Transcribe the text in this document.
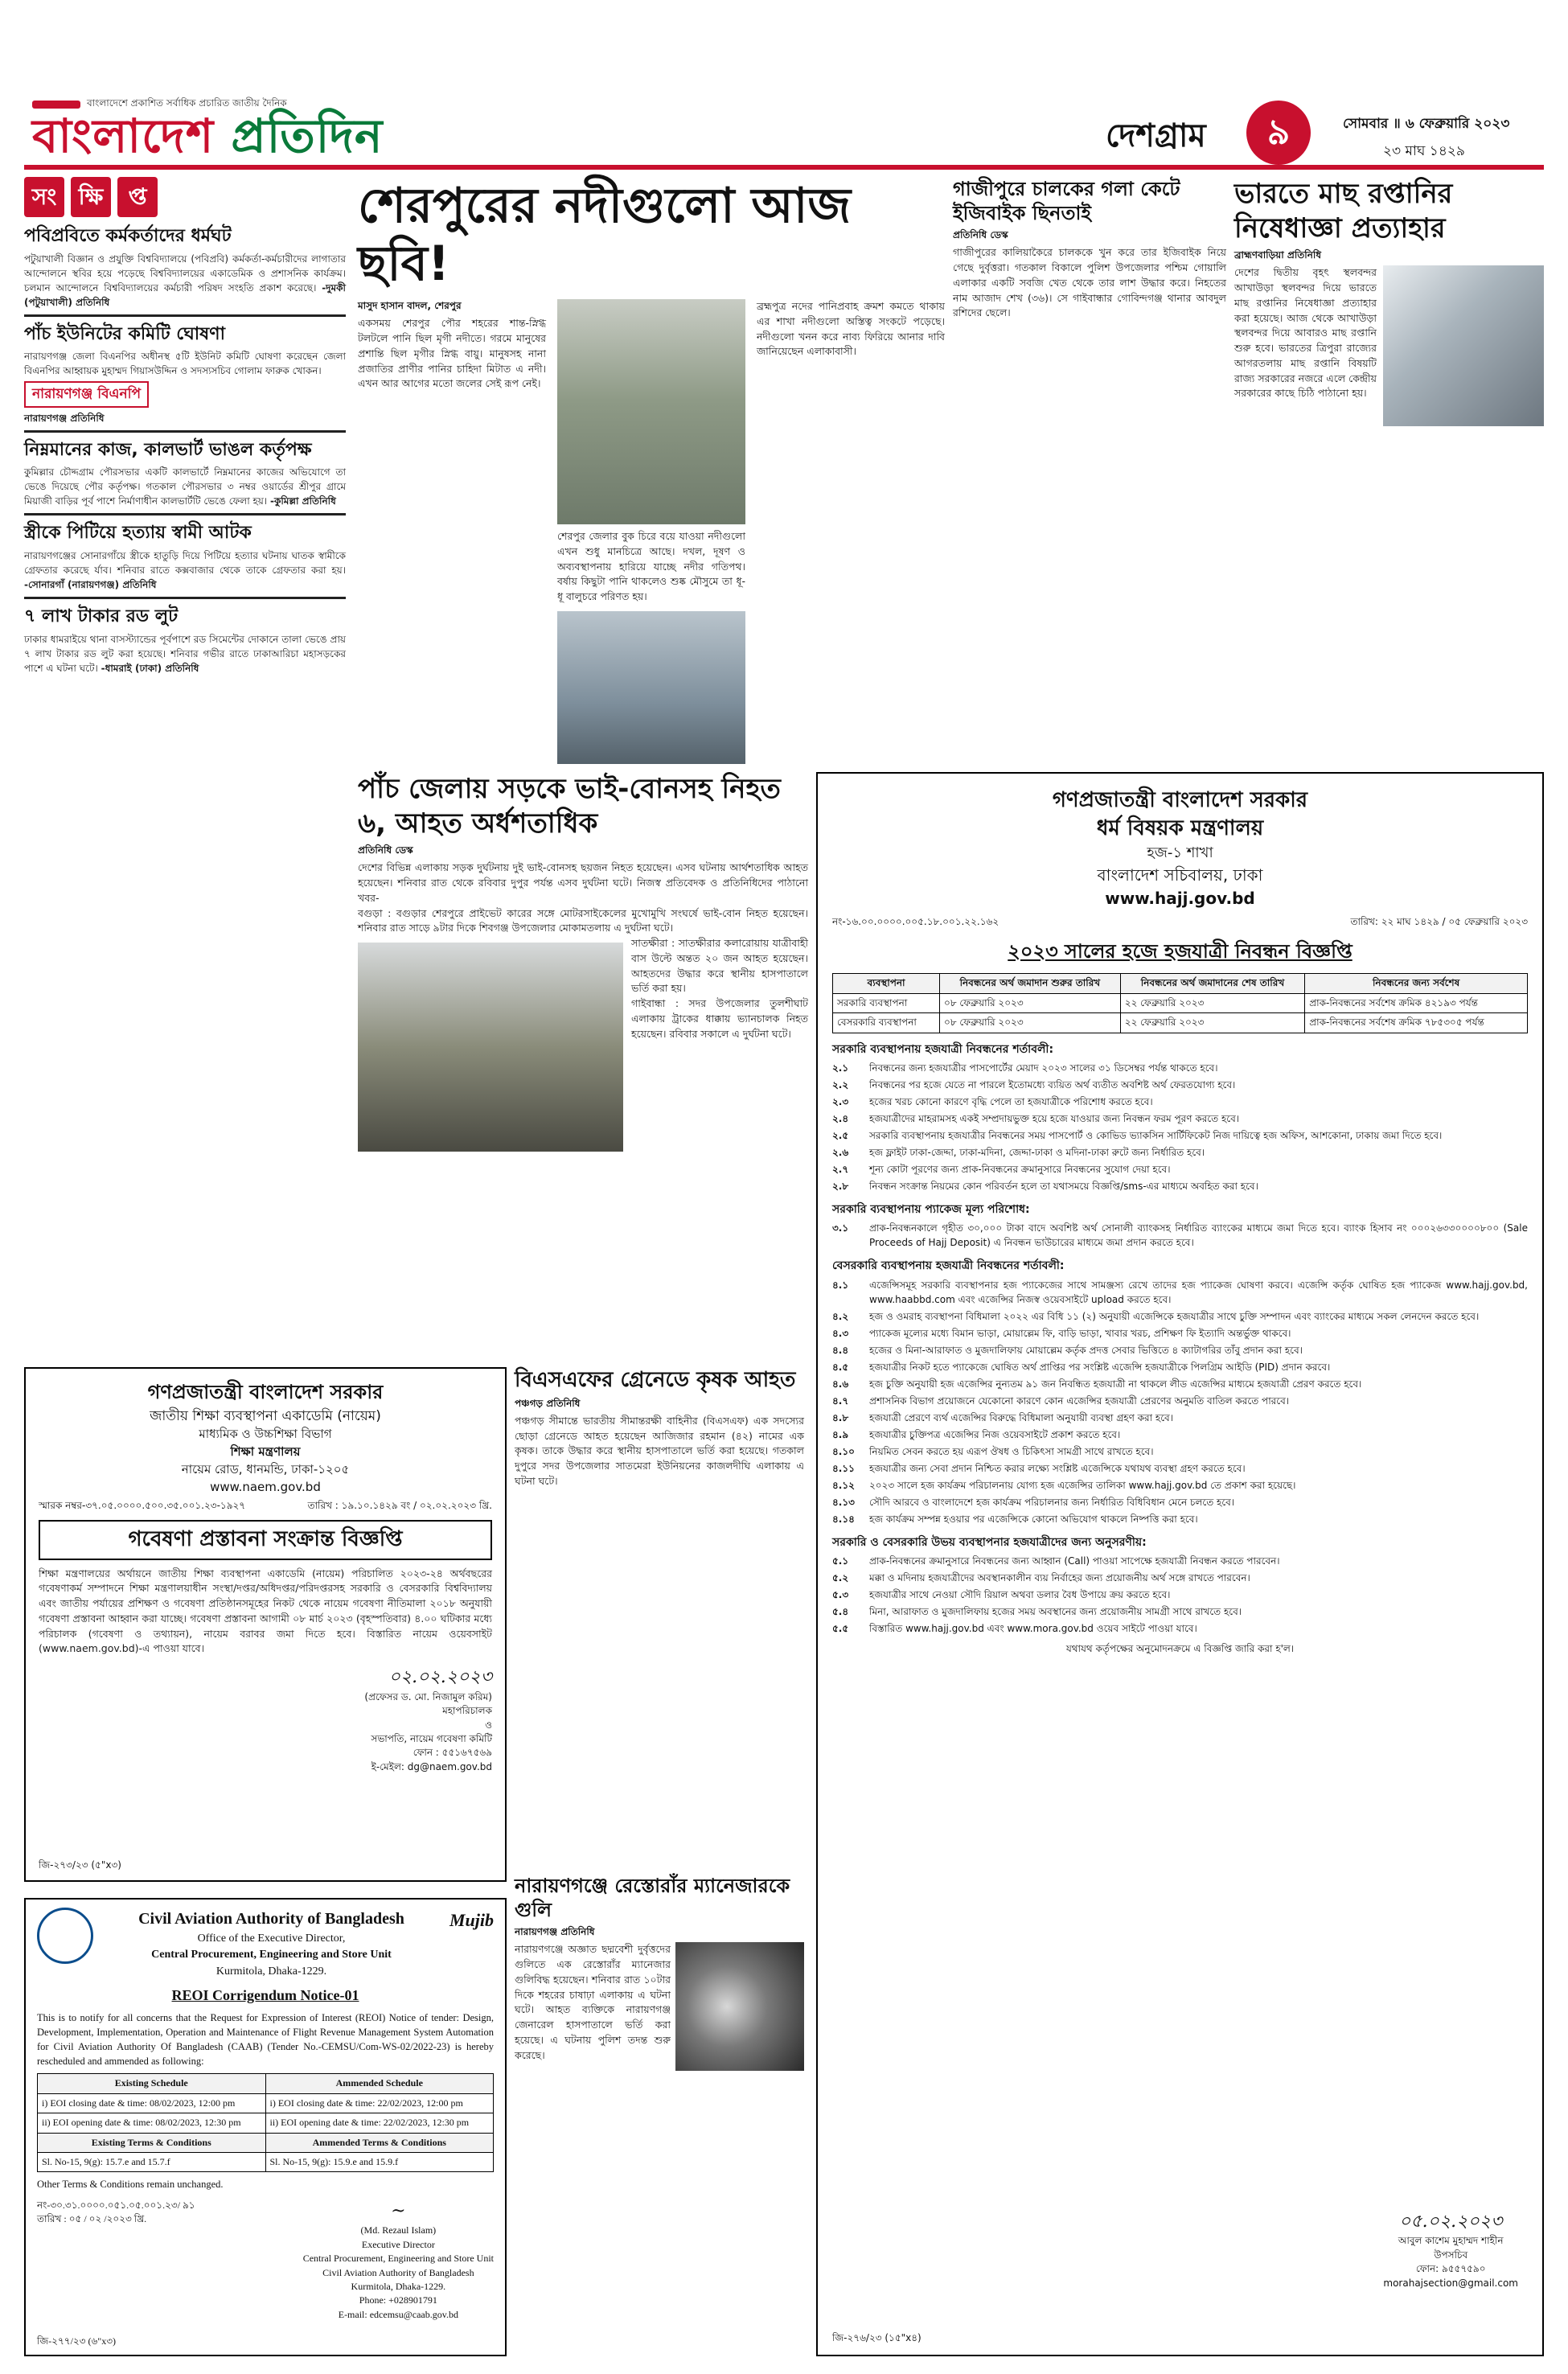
বাংলাদেশে প্রকাশিত সর্বাধিক প্রচারিত জাতীয় দৈনিক
বাংলাদেশ প্রতিদিন	দেশগ্রাম	৯	সোমবার ॥ ৬ ফেব্রুয়ারি ২০২৩
২৩ মাঘ ১৪২৯
সং ক্ষি	প্ত
পবিপ্রবিতে কর্মকর্তাদের ধর্মঘট

পটুয়াখালী বিজ্ঞান ও প্রযুক্তি বিশ্ববিদ্যালয়ে (পবিপ্রবি) কর্মকর্তা-কর্মচারীদের লাগাতার আন্দোলনে স্থবির হয়ে পড়েছে বিশ্ববিদ্যালয়ের একাডেমিক ও প্রশাসনিক কার্যক্রম। চলমান আন্দোলনে বিশ্ববিদ্যালয়ের কর্মচারী পরিষদ সংহতি প্রকাশ করেছে। -দুমকী (পটুয়াখালী) প্রতিনিধি

পাঁচ ইউনিটের কমিটি ঘোষণা

নারায়ণগঞ্জ জেলা বিএনপির অধীনস্থ ৫টি ইউনিট কমিটি ঘোষণা করেছেন জেলা বিএনপির আহ্বায়ক মুহাম্মদ গিয়াসউদ্দিন ও সদস্যসচিব গোলাম ফারুক খোকন।

নারায়ণগঞ্জ বিএনপি

নারায়ণগঞ্জ প্রতিনিধি

নিম্নমানের কাজ, কালভার্ট ভাঙল কর্তৃপক্ষ

কুমিল্লার চৌদ্দগ্রাম পৌরসভার একটি কালভার্টে নিম্নমানের কাজের অভিযোগে তা ভেঙে দিয়েছে পৌর কর্তৃপক্ষ। গতকাল পৌরসভার ৩ নম্বর ওয়ার্ডের শ্রীপুর গ্রামে মিয়াজী বাড়ির পূর্ব পাশে নির্মাণাধীন কালভার্টটি ভেঙে ফেলা হয়। -কুমিল্লা প্রতিনিধি

স্ত্রীকে পিটিয়ে হত্যায় স্বামী আটক

নারায়ণগঞ্জের সোনারগাঁয়ে স্ত্রীকে হাতুড়ি দিয়ে পিটিয়ে হত্যার ঘটনায় ঘাতক স্বামীকে গ্রেফতার করেছে র্যাব। শনিবার রাতে কক্সবাজার থেকে তাকে গ্রেফতার করা হয়। -সোনারগাঁ (নারায়ণগঞ্জ) প্রতিনিধি

৭ লাখ টাকার রড লুট

ঢাকার ধামরাইয়ে থানা বাসস্ট্যান্ডের পূর্বপাশে রড সিমেন্টের দোকানে তালা ভেঙে প্রায় ৭ লাখ টাকার রড লুট করা হয়েছে। শনিবার গভীর রাতে ঢাকাআরিচা মহাসড়কের পাশে এ ঘটনা ঘটে। -ধামরাই (ঢাকা) প্রতিনিধি

শেরপুরের নদীগুলো আজ ছবি!

মাসুদ হাসান বাদল, শেরপুর

একসময় শেরপুর পৌর শহরের শান্ত-স্নিগ্ধ টলটলে পানি ছিল মৃগী নদীতে। গরমে মানুষের প্রশান্তি ছিল মৃগীর স্নিগ্ধ বায়ু। মানুষসহ নানা প্রজাতির প্রাণীর পানির চাহিদা মিটাত এ নদী। এখন আর আগের মতো জলের সেই রূপ নেই।

শেরপুর জেলার বুক চিরে বয়ে যাওয়া নদীগুলো এখন শুধু মানচিত্রে আছে। দখল, দূষণ ও অব্যবস্থাপনায় হারিয়ে যাচ্ছে নদীর গতিপথ। বর্ষায় কিছুটা পানি থাকলেও শুষ্ক মৌসুমে তা ধূ-ধূ বালুচরে পরিণত হয়।

ব্রহ্মপুত্র নদের পানিপ্রবাহ ক্রমশ কমতে থাকায় এর শাখা নদীগুলো অস্তিত্ব সংকটে পড়েছে। নদীগুলো খনন করে নাব্য ফিরিয়ে আনার দাবি জানিয়েছেন এলাকাবাসী।

গাজীপুরে চালকের গলা কেটে ইজিবাইক ছিনতাই

প্রতিনিধি ডেস্ক

গাজীপুরের কালিয়াকৈরে চালককে খুন করে তার ইজিবাইক নিয়ে গেছে দুর্বৃত্তরা। গতকাল বিকালে পুলিশ উপজেলার পশ্চিম গোয়ালি এলাকার একটি সবজি খেত থেকে তার লাশ উদ্ধার করে। নিহতের নাম আজাদ শেখ (৩৬)। সে গাইবান্ধার গোবিন্দগঞ্জ থানার আবদুল রশিদের ছেলে।

ভারতে মাছ রপ্তানির নিষেধাজ্ঞা প্রত্যাহার

ব্রাহ্মণবাড়িয়া প্রতিনিধি

দেশের দ্বিতীয় বৃহৎ স্থলবন্দর আখাউড়া স্থলবন্দর দিয়ে ভারতে মাছ রপ্তানির নিষেধাজ্ঞা প্রত্যাহার করা হয়েছে। আজ থেকে আখাউড়া স্থলবন্দর দিয়ে আবারও মাছ রপ্তানি শুরু হবে। ভারতের ত্রিপুরা রাজ্যের আগরতলায় মাছ রপ্তানি বিষয়টি রাজ্য সরকারের নজরে এলে কেন্দ্রীয় সরকারের কাছে চিঠি পাঠানো হয়।

পাঁচ জেলায় সড়কে ভাই-বোনসহ নিহত ৬, আহত অর্ধশতাধিক

প্রতিনিধি ডেস্ক

দেশের বিভিন্ন এলাকায় সড়ক দুর্ঘটনায় দুই ভাই-বোনসহ ছয়জন নিহত হয়েছেন। এসব ঘটনায় আর্থশতাধিক আহত হয়েছেন। শনিবার রাত থেকে রবিবার দুপুর পর্যন্ত এসব দুর্ঘটনা ঘটে। নিজস্ব প্রতিবেদক ও প্রতিনিধিদের পাঠানো খবর-

বগুড়া : বগুড়ার শেরপুরে প্রাইভেট কারের সঙ্গে মোটরসাইকেলের মুখোমুখি সংঘর্ষে ভাই-বোন নিহত হয়েছেন। শনিবার রাত সাড়ে ৯টার দিকে শিবগঞ্জ উপজেলার মোকামতলায় এ দুর্ঘটনা ঘটে।

সাতক্ষীরা : সাতক্ষীরার কলারোয়ায় যাত্রীবাহী বাস উল্টে অন্তত ২০ জন আহত হয়েছেন। আহতদের উদ্ধার করে স্থানীয় হাসপাতালে ভর্তি করা হয়।

গাইবান্ধা : সদর উপজেলার তুলশীঘাট এলাকায় ট্রাকের ধাক্কায় ভ্যানচালক নিহত হয়েছেন। রবিবার সকালে এ দুর্ঘটনা ঘটে।

গণপ্রজাতন্ত্রী বাংলাদেশ সরকার
ধর্ম বিষয়ক মন্ত্রণালয়

হজ-১ শাখা

বাংলাদেশ সচিবালয়, ঢাকা

www.hajj.gov.bd

নং-১৬.০০.০০০০.০০৫.১৮.০০১.২২.১৬২	তারিখ: ২২ মাঘ ১৪২৯ / ০৫ ফেব্রুয়ারি ২০২৩
২০২৩ সালের হজে হজযাত্রী নিবন্ধন বিজ্ঞপ্তি
ব্যবস্থাপনা	নিবন্ধনের অর্থ জমাদান শুরুর তারিখ	নিবন্ধনের অর্থ জমাদানের শেষ তারিখ	নিবন্ধনের জন্য সর্বশেষ
সরকারি ব্যবস্থাপনা	০৮ ফেব্রুয়ারি ২০২৩	২২ ফেব্রুয়ারি ২০২৩	প্রাক-নিবন্ধনের সর্বশেষ ক্রমিক ৪২১৯৩ পর্যন্ত
বেসরকারি ব্যবস্থাপনা	০৮ ফেব্রুয়ারি ২০২৩	২২ ফেব্রুয়ারি ২০২৩	প্রাক-নিবন্ধনের সর্বশেষ ক্রমিক ৭৮৫৩০৫ পর্যন্ত

সরকারি ব্যবস্থাপনায় হজযাত্রী নিবন্ধনের শর্তাবলী:

২.১	নিবন্ধনের জন্য হজযাত্রীর পাসপোর্টের মেয়াদ ২০২৩ সালের ৩১ ডিসেম্বর পর্যন্ত থাকতে হবে।
২.২	নিবন্ধনের পর হজে যেতে না পারলে ইতোমধ্যে ব্যয়িত অর্থ ব্যতীত অবশিষ্ট অর্থ ফেরতযোগ্য হবে।
২.৩	হজের খরচ কোনো কারণে বৃদ্ধি পেলে তা হজযাত্রীকে পরিশোধ করতে হবে।
২.৪	হজযাত্রীদের মাহরামসহ একই সম্প্রদায়ভুক্ত হয়ে হজে যাওয়ার জন্য নিবন্ধন ফরম পূরণ করতে হবে।
২.৫	সরকারি ব্যবস্থাপনায় হজযাত্রীর নিবন্ধনের সময় পাসপোর্ট ও কোভিড ভ্যাকসিন সার্টিফিকেট নিজ দায়িত্বে হজ অফিস, আশকোনা, ঢাকায় জমা দিতে হবে।
২.৬	হজ ফ্লাইট ঢাকা-জেদ্দা, ঢাকা-মদিনা, জেদ্দা-ঢাকা ও মদিনা-ঢাকা রুটে জন্য নির্ধারিত হবে।
২.৭	শূন্য কোটা পূরণের জন্য প্রাক-নিবন্ধনের ক্রমানুসারে নিবন্ধনের সুযোগ দেয়া হবে।
২.৮	নিবন্ধন সংক্রান্ত নিয়মের কোন পরিবর্তন হলে তা যথাসময়ে বিজ্ঞপ্তি/sms-এর মাধ্যমে অবহিত করা হবে।

সরকারি ব্যবস্থাপনায় প্যাকেজ মূল্য পরিশোধ:

৩.১	প্রাক-নিবন্ধনকালে গৃহীত ৩০,০০০ টাকা বাদে অবশিষ্ট অর্থ সোনালী ব্যাংকসহ নির্ধারিত ব্যাংকের মাধ্যমে জমা দিতে হবে। ব্যাংক হিসাব নং ০০০২৬৩৩০০০০৮০০ (Sale Proceeds of Hajj Deposit) এ নিবন্ধন ভাউচারের মাধ্যমে জমা প্রদান করতে হবে।

বেসরকারি ব্যবস্থাপনায় হজযাত্রী নিবন্ধনের শর্তাবলী:

৪.১	এজেন্সিসমূহ সরকারি ব্যবস্থাপনার হজ প্যাকেজের সাথে সামঞ্জস্য রেখে তাদের হজ প্যাকেজ ঘোষণা করবে। এজেন্সি কর্তৃক ঘোষিত হজ প্যাকেজ www.hajj.gov.bd, www.haabbd.com এবং এজেন্সির নিজস্ব ওয়েবসাইটে upload করতে হবে।
৪.২	হজ ও ওমরাহ ব্যবস্থাপনা বিধিমালা ২০২২ এর বিধি ১১ (২) অনুযায়ী এজেন্সিকে হজযাত্রীর সাথে চুক্তি সম্পাদন এবং ব্যাংকের মাধ্যমে সকল লেনদেন করতে হবে।
৪.৩	প্যাকেজ মূল্যের মধ্যে বিমান ভাড়া, মোয়াল্লেম ফি, বাড়ি ভাড়া, খাবার খরচ, প্রশিক্ষণ ফি ইত্যাদি অন্তর্ভুক্ত থাকবে।
৪.৪	হজের ও মিনা-আরাফাত ও মুজদালিফায় মোয়াল্লেম কর্তৃক প্রদত্ত সেবার ভিত্তিতে ৪ ক্যাটাগরির তাঁবু প্রদান করা হবে।
৪.৫	হজযাত্রীর নিকট হতে প্যাকেজে ঘোষিত অর্থ প্রাপ্তির পর সংশ্লিষ্ট এজেন্সি হজযাত্রীকে পিলগ্রিম আইডি (PID) প্রদান করবে।
৪.৬	হজ চুক্তি অনুযায়ী হজ এজেন্সির নুন্যতম ৯১ জন নিবন্ধিত হজযাত্রী না থাকলে লীড এজেন্সির মাধ্যমে হজযাত্রী প্রেরণ করতে হবে।
৪.৭	প্রশাসনিক বিভাগ প্রয়োজনে যেকোনো কারণে কোন এজেন্সির হজযাত্রী প্রেরণের অনুমতি বাতিল করতে পারবে।
৪.৮	হজযাত্রী প্রেরণে ব্যর্থ এজেন্সির বিরুদ্ধে বিধিমালা অনুযায়ী ব্যবস্থা গ্রহণ করা হবে।
৪.৯	হজযাত্রীর চুক্তিপত্র এজেন্সির নিজ ওয়েবসাইটে প্রকাশ করতে হবে।
৪.১০	নিয়মিত সেবন করতে হয় এরূপ ঔষধ ও চিকিৎসা সামগ্রী সাথে রাখতে হবে।
৪.১১	হজযাত্রীর জন্য সেবা প্রদান নিশ্চিত করার লক্ষ্যে সংশ্লিষ্ট এজেন্সিকে যথাযথ ব্যবস্থা গ্রহণ করতে হবে।
৪.১২	২০২৩ সালে হজ কার্যক্রম পরিচালনায় যোগ্য হজ এজেন্সির তালিকা www.hajj.gov.bd তে প্রকাশ করা হয়েছে।
৪.১৩	সৌদি আরবে ও বাংলাদেশে হজ কার্যক্রম পরিচালনার জন্য নির্ধারিত বিধিবিধান মেনে চলতে হবে।
৪.১৪	হজ কার্যক্রম সম্পন্ন হওয়ার পর এজেন্সিকে কোনো অভিযোগ থাকলে নিষ্পত্তি করা হবে।

সরকারি ও বেসরকারি উভয় ব্যবস্থাপনার হজযাত্রীদের জন্য অনুসরণীয়:

৫.১	প্রাক-নিবন্ধনের ক্রমানুসারে নিবন্ধনের জন্য আহ্বান (Call) পাওয়া সাপেক্ষে হজযাত্রী নিবন্ধন করতে পারবেন।
৫.২	মক্কা ও মদিনায় হজযাত্রীদের অবস্থানকালীন ব্যয় নির্বাহের জন্য প্রয়োজনীয় অর্থ সঙ্গে রাখতে পারবেন।
৫.৩	হজযাত্রীর সাথে নেওয়া সৌদি রিয়াল অথবা ডলার বৈধ উপায়ে ক্রয় করতে হবে।
৫.৪	মিনা, আরাফাত ও মুজদালিফায় হজের সময় অবস্থানের জন্য প্রয়োজনীয় সামগ্রী সাথে রাখতে হবে।
৫.৫	বিস্তারিত www.hajj.gov.bd এবং www.mora.gov.bd ওয়েব সাইটে পাওয়া যাবে।

যথাযথ কর্তৃপক্ষের অনুমোদনক্রমে এ বিজ্ঞপ্তি জারি করা হ'ল।

০৫.০২.২০২৩
আবুল কাশেম মুহাম্মদ শাহীন
উপসচিব
ফোন: ৯৫৫৭৫৯০
morahajsection@gmail.com
জি-২৭৬/২৩ (১৫"x৪)

গণপ্রজাতন্ত্রী বাংলাদেশ সরকার

জাতীয় শিক্ষা ব্যবস্থাপনা একাডেমি (নায়েম)

মাধ্যমিক ও উচ্চশিক্ষা বিভাগ

শিক্ষা মন্ত্রণালয়

নায়েম রোড, ধানমন্ডি, ঢাকা-১২০৫

www.naem.gov.bd

স্মারক নম্বর-৩৭.০৫.০০০০.৫০০.৩৫.০০১.২৩-১৯২৭	তারিখ : ১৯.১০.১৪২৯ বং / ০২.০২.২০২৩ খ্রি.
গবেষণা প্রস্তাবনা সংক্রান্ত বিজ্ঞপ্তি

শিক্ষা মন্ত্রণালয়ের অর্থায়নে জাতীয় শিক্ষা ব্যবস্থাপনা একাডেমি (নায়েম) পরিচালিত ২০২৩-২৪ অর্থবছরের গবেষণাকর্ম সম্পাদনে শিক্ষা মন্ত্রণালয়াধীন সংস্থা/দপ্তর/অধিদপ্তর/পরিদপ্তরসহ সরকারি ও বেসরকারি বিশ্ববিদ্যালয় এবং জাতীয় পর্যায়ের প্রশিক্ষণ ও গবেষণা প্রতিষ্ঠানসমূহের নিকট থেকে নায়েম গবেষণা নীতিমালা ২০১৮ অনুযায়ী গবেষণা প্রস্তাবনা আহ্বান করা যাচ্ছে। গবেষণা প্রস্তাবনা আগামী ০৮ মার্চ ২০২৩ (বৃহস্পতিবার) ৪.০০ ঘটিকার মধ্যে পরিচালক (গবেষণা ও তথ্যায়ন), নায়েম বরাবর জমা দিতে হবে। বিস্তারিত নায়েম ওয়েবসাইট (www.naem.gov.bd)-এ পাওয়া যাবে।

০২.০২.২০২৩
(প্রফেসর ড. মো. নিজামুল করিম)
মহাপরিচালক
ও
সভাপতি, নায়েম গবেষণা কমিটি
ফোন : ৫৫১৬৭৫৬৯
ই-মেইল: dg@naem.gov.bd
জি-২৭৩/২৩ (৫"x৩)
বিএসএফের গ্রেনেডে কৃষক আহত

পঞ্চগড় প্রতিনিধি

পঞ্চগড় সীমান্তে ভারতীয় সীমান্তরক্ষী বাহিনীর (বিএসএফ) এক সদস্যের ছোড়া গ্রেনেডে আহত হয়েছেন আজিজার রহমান (৪২) নামের এক কৃষক। তাকে উদ্ধার করে স্থানীয় হাসপাতালে ভর্তি করা হয়েছে। গতকাল দুপুরে সদর উপজেলার সাতমেরা ইউনিয়নের কাজলদীঘি এলাকায় এ ঘটনা ঘটে।

নারায়ণগঞ্জে রেস্তোরাঁর ম্যানেজারকে গুলি

নারায়ণগঞ্জ প্রতিনিধি

নারায়ণগঞ্জে অজ্ঞাত ছদ্মবেশী দুর্বৃত্তদের গুলিতে এক রেস্তোরাঁর ম্যানেজার গুলিবিদ্ধ হয়েছেন। শনিবার রাত ১০টার দিকে শহরের চাষাঢ়া এলাকায় এ ঘটনা ঘটে। আহত ব্যক্তিকে নারায়ণগঞ্জ জেনারেল হাসপাতালে ভর্তি করা হয়েছে। এ ঘটনায় পুলিশ তদন্ত শুরু করেছে।

Civil Aviation Authority of Bangladesh

Office of the Executive Director,

Central Procurement, Engineering and Store Unit

Kurmitola, Dhaka-1229.

Mujib

REOI Corrigendum Notice-01

This is to notify for all concerns that the Request for Expression of Interest (REOI) Notice of tender: Design, Development, Implementation, Operation and Maintenance of Flight Revenue Management System Automation for Civil Aviation Authority Of Bangladesh (CAAB) (Tender No.-CEMSU/Com-WS-02/2022-23) is hereby rescheduled and ammended as following:

Existing Schedule	Ammended Schedule
i) EOI closing date & time: 08/02/2023, 12:00 pm	i) EOI closing date & time: 22/02/2023, 12:00 pm
ii) EOI opening date & time: 08/02/2023, 12:30 pm	ii) EOI opening date & time: 22/02/2023, 12:30 pm
Existing Terms & Conditions	Ammended Terms & Conditions
Sl. No-15, 9(g): 15.7.e and 15.7.f	Sl. No-15, 9(g): 15.9.e and 15.9.f

Other Terms & Conditions remain unchanged.

নং-৩০.৩১.০০০০.০৫১.০৫.০০১.২৩/ ৯১
তারিখ : ০৫ / ০২ /২০২৩ খ্রি.	~
(Md. Rezaul Islam)
Executive Director
Central Procurement, Engineering and Store Unit
Civil Aviation Authority of Bangladesh
Kurmitola, Dhaka-1229.
Phone: +028901791
E-mail: edcemsu@caab.gov.bd
জি-২৭৭/২৩ (৬"x৩)
